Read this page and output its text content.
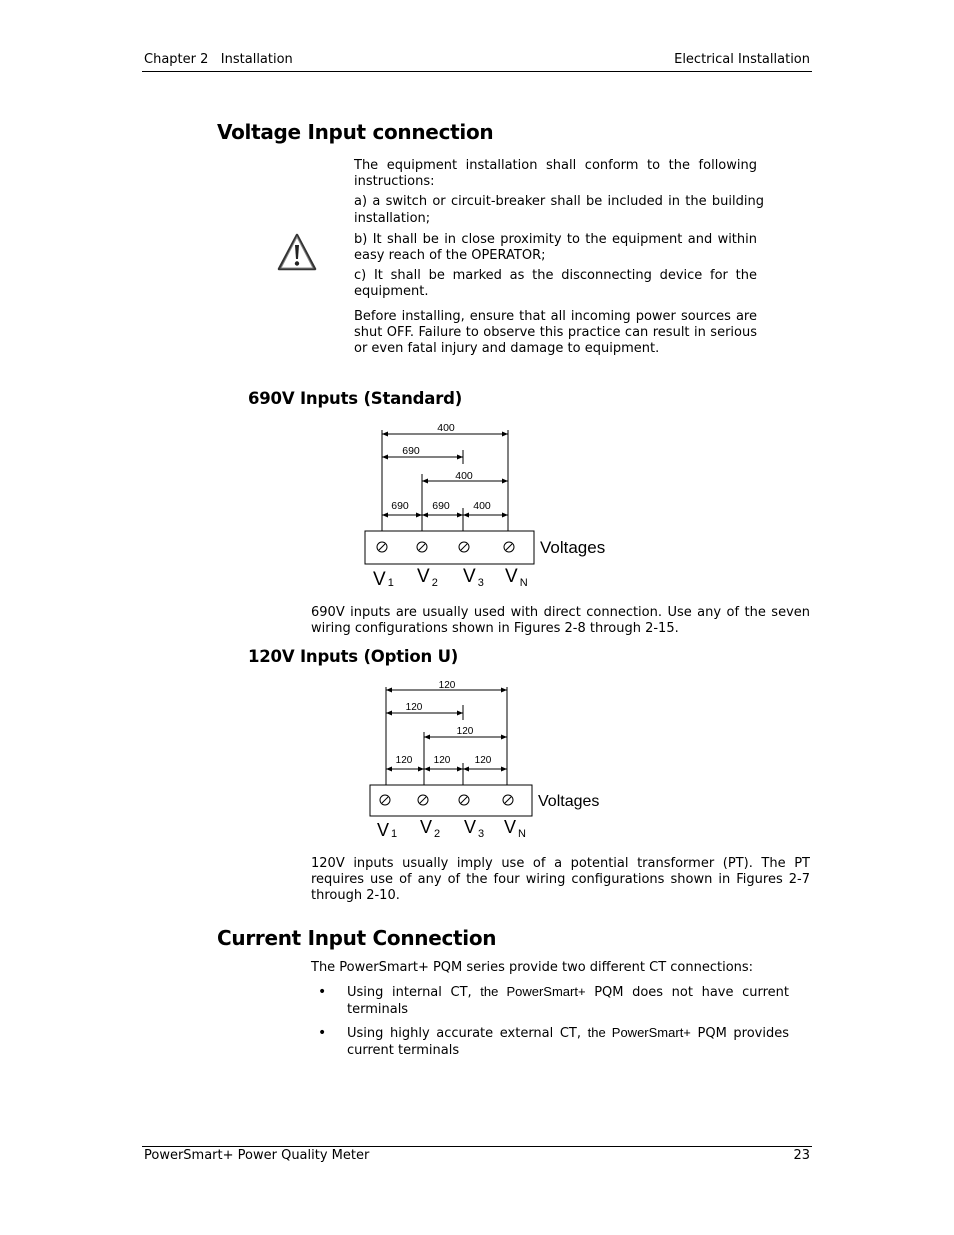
Chapter 2 Installation	Electrical Installation
Voltage Input connection

The equipment installation shall conform to the following instructions:

a) a switch or circuit-breaker shall be included in the building installation;

b) It shall be in close proximity to the equipment and within easy reach of the OPERATOR;

c) It shall be marked as the disconnecting device for the equipment.

Before installing, ensure that all incoming power sources are shut OFF. Failure to observe this practice can result in serious or even fatal injury and damage to equipment.

690V Inputs (Standard)
400
690
400
690 690 400
Voltages
V 1 V $_2$ V $_3$ V $_N$

690V inputs are usually used with direct connection. Use any of the seven wiring configurations shown in Figures 2-8 through 2-15.

120V Inputs (Option U)
120
120
120
120 120 120
Voltages
V 1 V $_2$ V $_3$ V $_N$

120V inputs usually imply use of a potential transformer (PT). The PT requires use of any of the four wiring configurations shown in Figures 2-7 through 2-10.

Current Input Connection

The PowerSmart+ PQM series provide two different CT connections:

• Using internal CT, the PowerSmart+ PQM does not have current terminals

• Using highly accurate external CT, the PowerSmart+ PQM provides current terminals

PowerSmart+ Power Quality Meter	23
